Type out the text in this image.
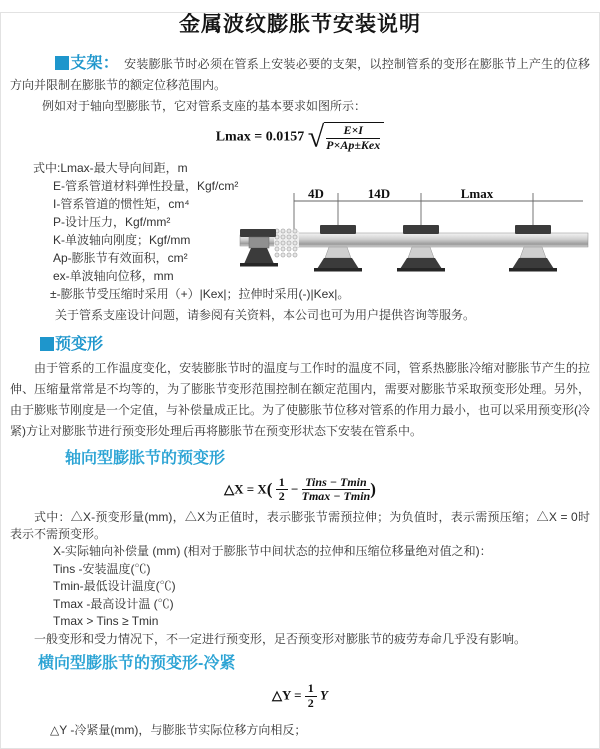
金属波纹膨胀节安装说明

支架： 安装膨胀节时必须在管系上安装必要的支架，以控制管系的变形在膨胀节上产生的位移方向并限制在膨胀节的额定位移范围内。

例如对于轴向型膨胀节，它对管系支座的基本要求如图所示：

Lmax = 0.0157 √ $\frac{E\times I}{\text{P×Ap±Kex}}$
式中:Lmax-最大导向间距，m
E-管系管道材料弹性投量，Kgf/cm²
I-管系管道的惯性矩，cm⁴
P-设计压力，Kgf/mm²
K-单波轴向刚度；Kgf/mm
Ap-膨胀节有效面积，cm²
ex-单波轴向位移，mm
±-膨胀节受压缩时采用（+）|Kex|；拉伸时采用(-)|Kex|。
关于管系支座设计问题，请参阅有关资料，本公司也可为用户提供咨询等服务。
4D	14D	Lmax
预变形

由于管系的工作温度变化，安装膨胀节时的温度与工作时的温度不同，管系热膨胀冷缩对膨胀节产生的拉伸、压缩量常常是不均等的，为了膨胀节变形范围控制在额定范围内，需要对膨胀节采取预变形处理。另外，由于膨账节刚度是一个定值，与补偿量成正比。为了使膨胀节位移对管系的作用力最小，也可以采用预变形(冷紧)方让对膨胀节进行预变形处理后再将膨胀节在预变形状态下安装在管系中。

轴向型膨胀节的预变形
△X = $X( \frac{1}{2} - \frac{\text{Tins − Tmin}}{Tmax - Tmin}$ )

式中：△X-预变形量(mm)，△X为正值时，表示膨张节需预拉伸；为负值时，表示需预压缩；△X = 0时表示不需预变形。

X-实际轴向补偿量 (mm) (相对于膨胀节中间状态的拉伸和压缩位移量绝对值之和)：
Tins -安装温度(℃)
Tmin-最低设计温度(℃)
Tmax -最高设计温 (℃)
Tmax > Tins ≥ Tmin

一般变形和受力情况下，不一定进行预变形，足否预变形对膨胀节的疲劳寿命几乎没有影响。

横向型膨胀节的预变形-冷紧
△Y = $\frac{1}{2}$ Y

△Y -冷紧量(mm)，与膨胀节实际位移方向相反；
